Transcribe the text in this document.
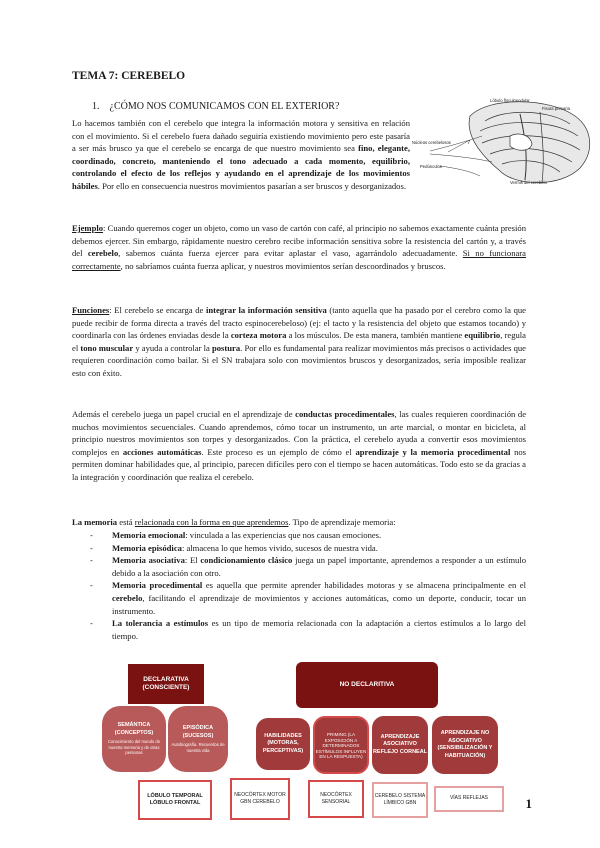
TEMA 7: CEREBELO
1. ¿CÓMO NOS COMUNICAMOS CON EL EXTERIOR?
Lóbulo floculonodular
Fisura primaria
Núcleos cerebelosos
Vermis del cerebelo
Pedúnculos

Lo hacemos también con el cerebelo que integra la información motora y sensitiva en relación con el movimiento. Si el cerebelo fuera dañado seguiría existiendo movimiento pero este pasaría a ser más brusco ya que el cerebelo se encarga de que nuestro movimiento sea fino, elegante, coordinado, concreto, manteniendo el tono adecuado a cada momento, equilibrio, controlando el efecto de los reflejos y ayudando en el aprendizaje de los movimientos hábiles. Por ello en consecuencia nuestros movimientos pasarían a ser bruscos y desorganizados.

Ejemplo: Cuando queremos coger un objeto, como un vaso de cartón con café, al principio no sabemos exactamente cuánta presión debemos ejercer. Sin embargo, rápidamente nuestro cerebro recibe información sensitiva sobre la resistencia del cartón y, a través del cerebelo, sabemos cuánta fuerza ejercer para evitar aplastar el vaso, agarrándolo adecuadamente. Si no funcionara correctamente, no sabríamos cuánta fuerza aplicar, y nuestros movimientos serían descoordinados y bruscos.

Funciones: El cerebelo se encarga de integrar la información sensitiva (tanto aquella que ha pasado por el cerebro como la que puede recibir de forma directa a través del tracto espinocerebeloso) (ej: el tacto y la resistencia del objeto que estamos tocando) y coordinarla con las órdenes enviadas desde la corteza motora a los músculos. De esta manera, también mantiene equilibrio, regula el tono muscular y ayuda a controlar la postura. Por ello es fundamental para realizar movimientos más precisos o actividades que requieren coordinación como bailar. Si el SN trabajara solo con movimientos bruscos y desorganizados, sería imposible realizar esto con éxito.

Además el cerebelo juega un papel crucial en el aprendizaje de conductas procedimentales, las cuales requieren coordinación de muchos movimientos secuenciales. Cuando aprendemos, cómo tocar un instrumento, un arte marcial, o montar en bicicleta, al principio nuestros movimientos son torpes y desorganizados. Con la práctica, el cerebelo ayuda a convertir esos movimientos complejos en acciones automáticas. Este proceso es un ejemplo de cómo el aprendizaje y la memoria procedimental nos permiten dominar habilidades que, al principio, parecen difíciles pero con el tiempo se hacen automáticas. Todo esto se da gracias a la integración y coordinación que realiza el cerebelo.

La memoria está relacionada con la forma en que aprendemos. Tipo de aprendizaje memoria:

- Memoria emocional: vinculada a las experiencias que nos causan emociones.
- Memoria episódica: almacena lo que hemos vivido, sucesos de nuestra vida.
- Memoria asociativa: El condicionamiento clásico juega un papel importante, aprendemos a responder a un estímulo debido a la asociación con otro.
- Memoria procedimental es aquella que permite aprender habilidades motoras y se almacena principalmente en el cerebelo, facilitando el aprendizaje de movimientos y acciones automáticas, como un deporte, conducir, tocar un instrumento.
- La tolerancia a estímulos es un tipo de memoria relacionada con la adaptación a ciertos estímulos a lo largo del tiempo.
DECLARATIVA
(CONSCIENTE)
SEMÁNTICA (CONCEPTOS)
Conocimiento del mundo de nuestra memoria y de otras personas
EPISÓDICA (SUCESOS)
Autobiografía. Recuerdos de nuestra vida
LÓBULO TEMPORAL
LÓBULO FRONTAL
NO DECLARITIVA
HABILIDADES (MOTORAS, PERCEPTIVAS)
PRIMING (LA EXPOSICIÓN A DETERMINADOS ESTÍMULOS INFLUYEN EN LA RESPUESTA)
APRENDIZAJE ASOCIATIVO REFLEJO CORNEAL
APRENDIZAJE NO ASOCIATIVO (SENSIBILIZACIÓN Y HABITUACIÓN)
NEOCÓRTEX MOTOR GBN CEREBELO
NEOCÓRTEX SENSORIAL
CEREBELO SISTEMA LÍMBICO GBN
VÍAS REFLEJAS	1
